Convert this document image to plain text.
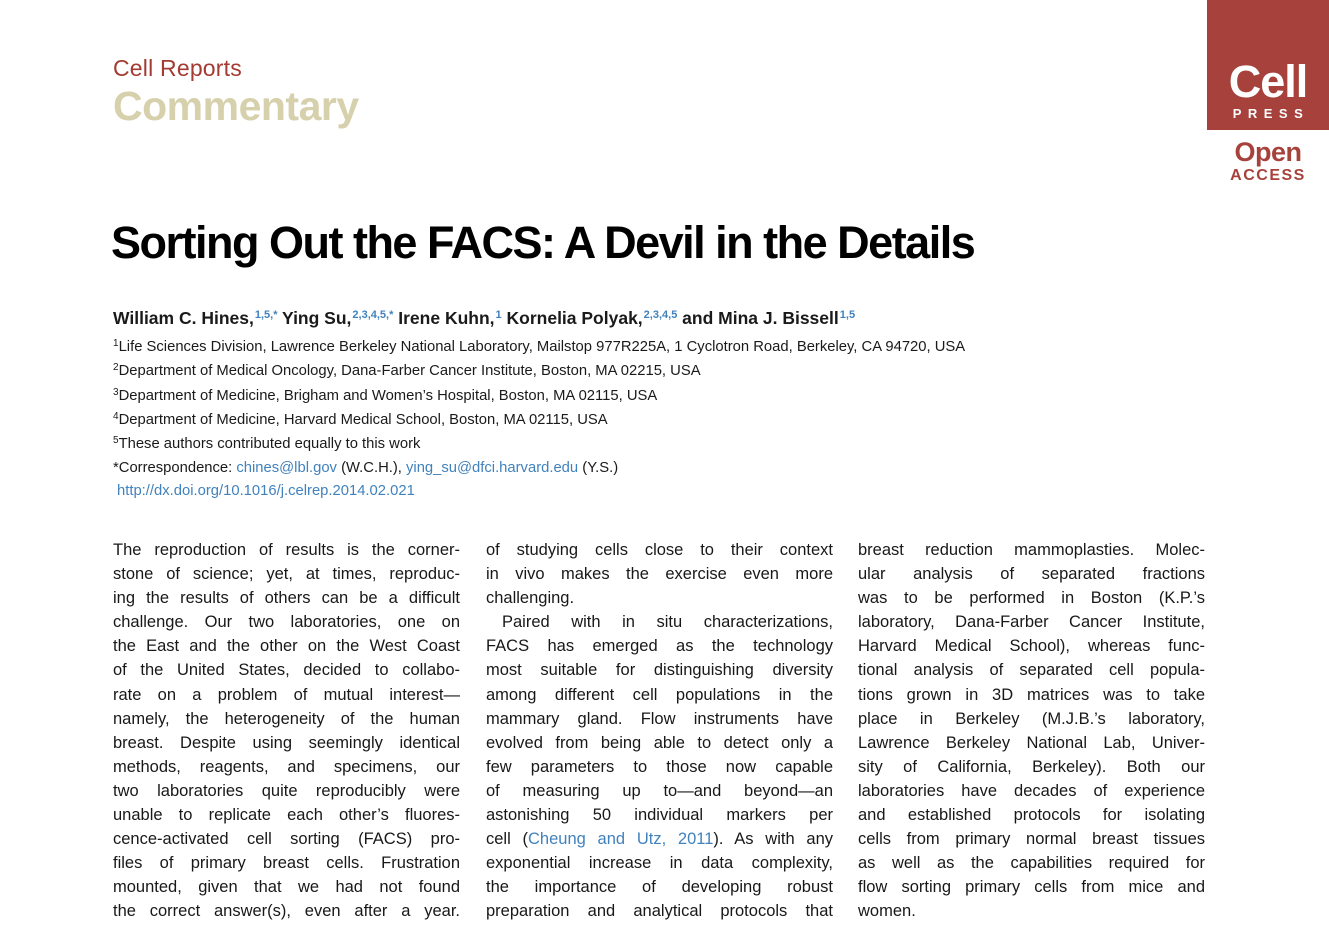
Cell Reports
Commentary	Cell
PRESS
Open
ACCESS
Sorting Out the FACS: A Devil in the Details
William C. Hines,$^{1,5,*}$ Ying Su,$^{2,3,4,5,*}$ Irene Kuhn,$^1$ Kornelia Polyak,$^{2,3,4,5}$ and Mina J. Bissell$^{1,5}$
$^1$Life Sciences Division, Lawrence Berkeley National Laboratory, Mailstop 977R225A, 1 Cyclotron Road, Berkeley, CA 94720, USA
$^2$Department of Medical Oncology, Dana-Farber Cancer Institute, Boston, MA 02215, USA
$^3$Department of Medicine, Brigham and Women’s Hospital, Boston, MA 02115, USA
$^4$Department of Medicine, Harvard Medical School, Boston, MA 02115, USA
$^5$These authors contributed equally to this work
*Correspondence: chines@lbl.gov (W.C.H.), ying_su@dfci.harvard.edu (Y.S.)
http://dx.doi.org/10.1016/j.celrep.2014.02.021
The reproduction of results is the corner-
stone of science; yet, at times, reproduc-
ing the results of others can be a difficult
challenge. Our two laboratories, one on
the East and the other on the West Coast
of the United States, decided to collabo-
rate on a problem of mutual interest—
namely, the heterogeneity of the human
breast. Despite using seemingly identical
methods, reagents, and specimens, our
two laboratories quite reproducibly were
unable to replicate each other’s fluores-
cence-activated cell sorting (FACS) pro-
files of primary breast cells. Frustration
mounted, given that we had not found
the correct answer(s), even after a year.
of studying cells close to their context
in vivo makes the exercise even more
challenging.
Paired with in situ characterizations,
FACS has emerged as the technology
most suitable for distinguishing diversity
among different cell populations in the
mammary gland. Flow instruments have
evolved from being able to detect only a
few parameters to those now capable
of measuring up to—and beyond—an
astonishing 50 individual markers per
cell (Cheung and Utz, 2011). As with any
exponential increase in data complexity,
the importance of developing robust
preparation and analytical protocols that
breast reduction mammoplasties. Molec-
ular analysis of separated fractions
was to be performed in Boston (K.P.’s
laboratory, Dana-Farber Cancer Institute,
Harvard Medical School), whereas func-
tional analysis of separated cell popula-
tions grown in 3D matrices was to take
place in Berkeley (M.J.B.’s laboratory,
Lawrence Berkeley National Lab, Univer-
sity of California, Berkeley). Both our
laboratories have decades of experience
and established protocols for isolating
cells from primary normal breast tissues
as well as the capabilities required for
flow sorting primary cells from mice and
women.
